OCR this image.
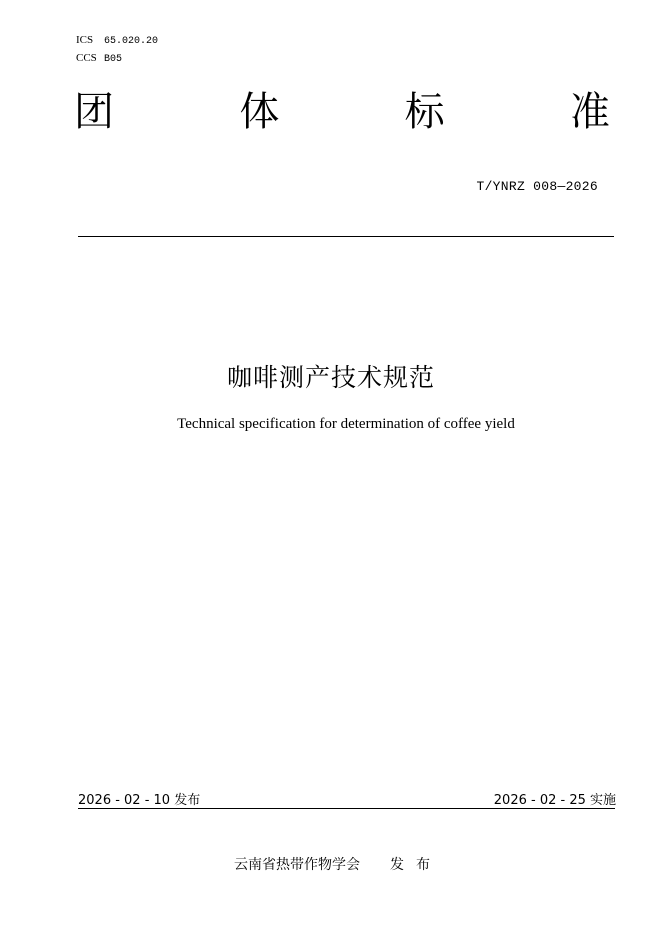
ICS 65.020.20
CCS B05
团	体	标	准
T/YNRZ 008—2026
咖啡测产技术规范
Technical specification for determination of coffee yield
2026 - 02 - 10 发布	2026 - 02 - 25 实施
云南省热带作物学会 发布
